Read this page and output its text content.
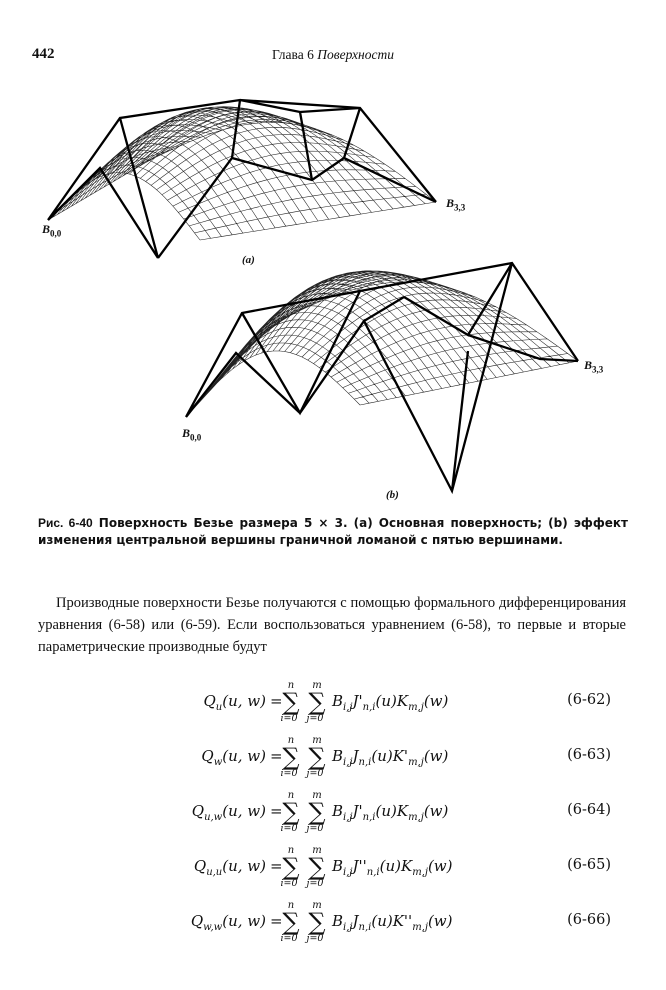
442	Глава 6 Поверхности
$B_{0,0}$
$B_{3,3}$
(a)
$B_{0,0}$
$B_{3,3}$
(b)
Рис. 6-40 Поверхность Безье размера 5 × 3. (a) Основная поверхность; (b) эффект изменения центральной вершины граничной ломаной с пятью вершинами.
Производные поверхности Безье получаются с помощью формального дифференцирования уравнения (6-58) или (6-59). Если воспользоваться уравнением (6-58), то первые и вторые параметрические производные будут
$Q_u(u$, w) =
n
∑
i=0
m
∑
j=0
$B_{i,j}J'_{n,i}(u)K_{m,j}(w)$	(6-62)
$Q_w(u$, w) =
n
∑
i=0
m
∑
j=0
$B_{i,j}J_{n,i}(u)K'_{m,j}(w)$	(6-63)
$Q_{u,w}(u$, w) =
n
∑
i=0
m
∑
j=0
$B_{i,j}J'_{n,i}(u)K_{m,j}(w)$	(6-64)
$Q_{u,u}(u$, w) =
n
∑
i=0
m
∑
j=0
$B_{i,j}J''_{n,i}(u)K_{m,j}(w)$	(6-65)
$Q_{w,w}(u$, w) =
n
∑
i=0
m
∑
j=0
$B_{i,j}J_{n,i}(u)K''_{m,j}(w)$	(6-66)
